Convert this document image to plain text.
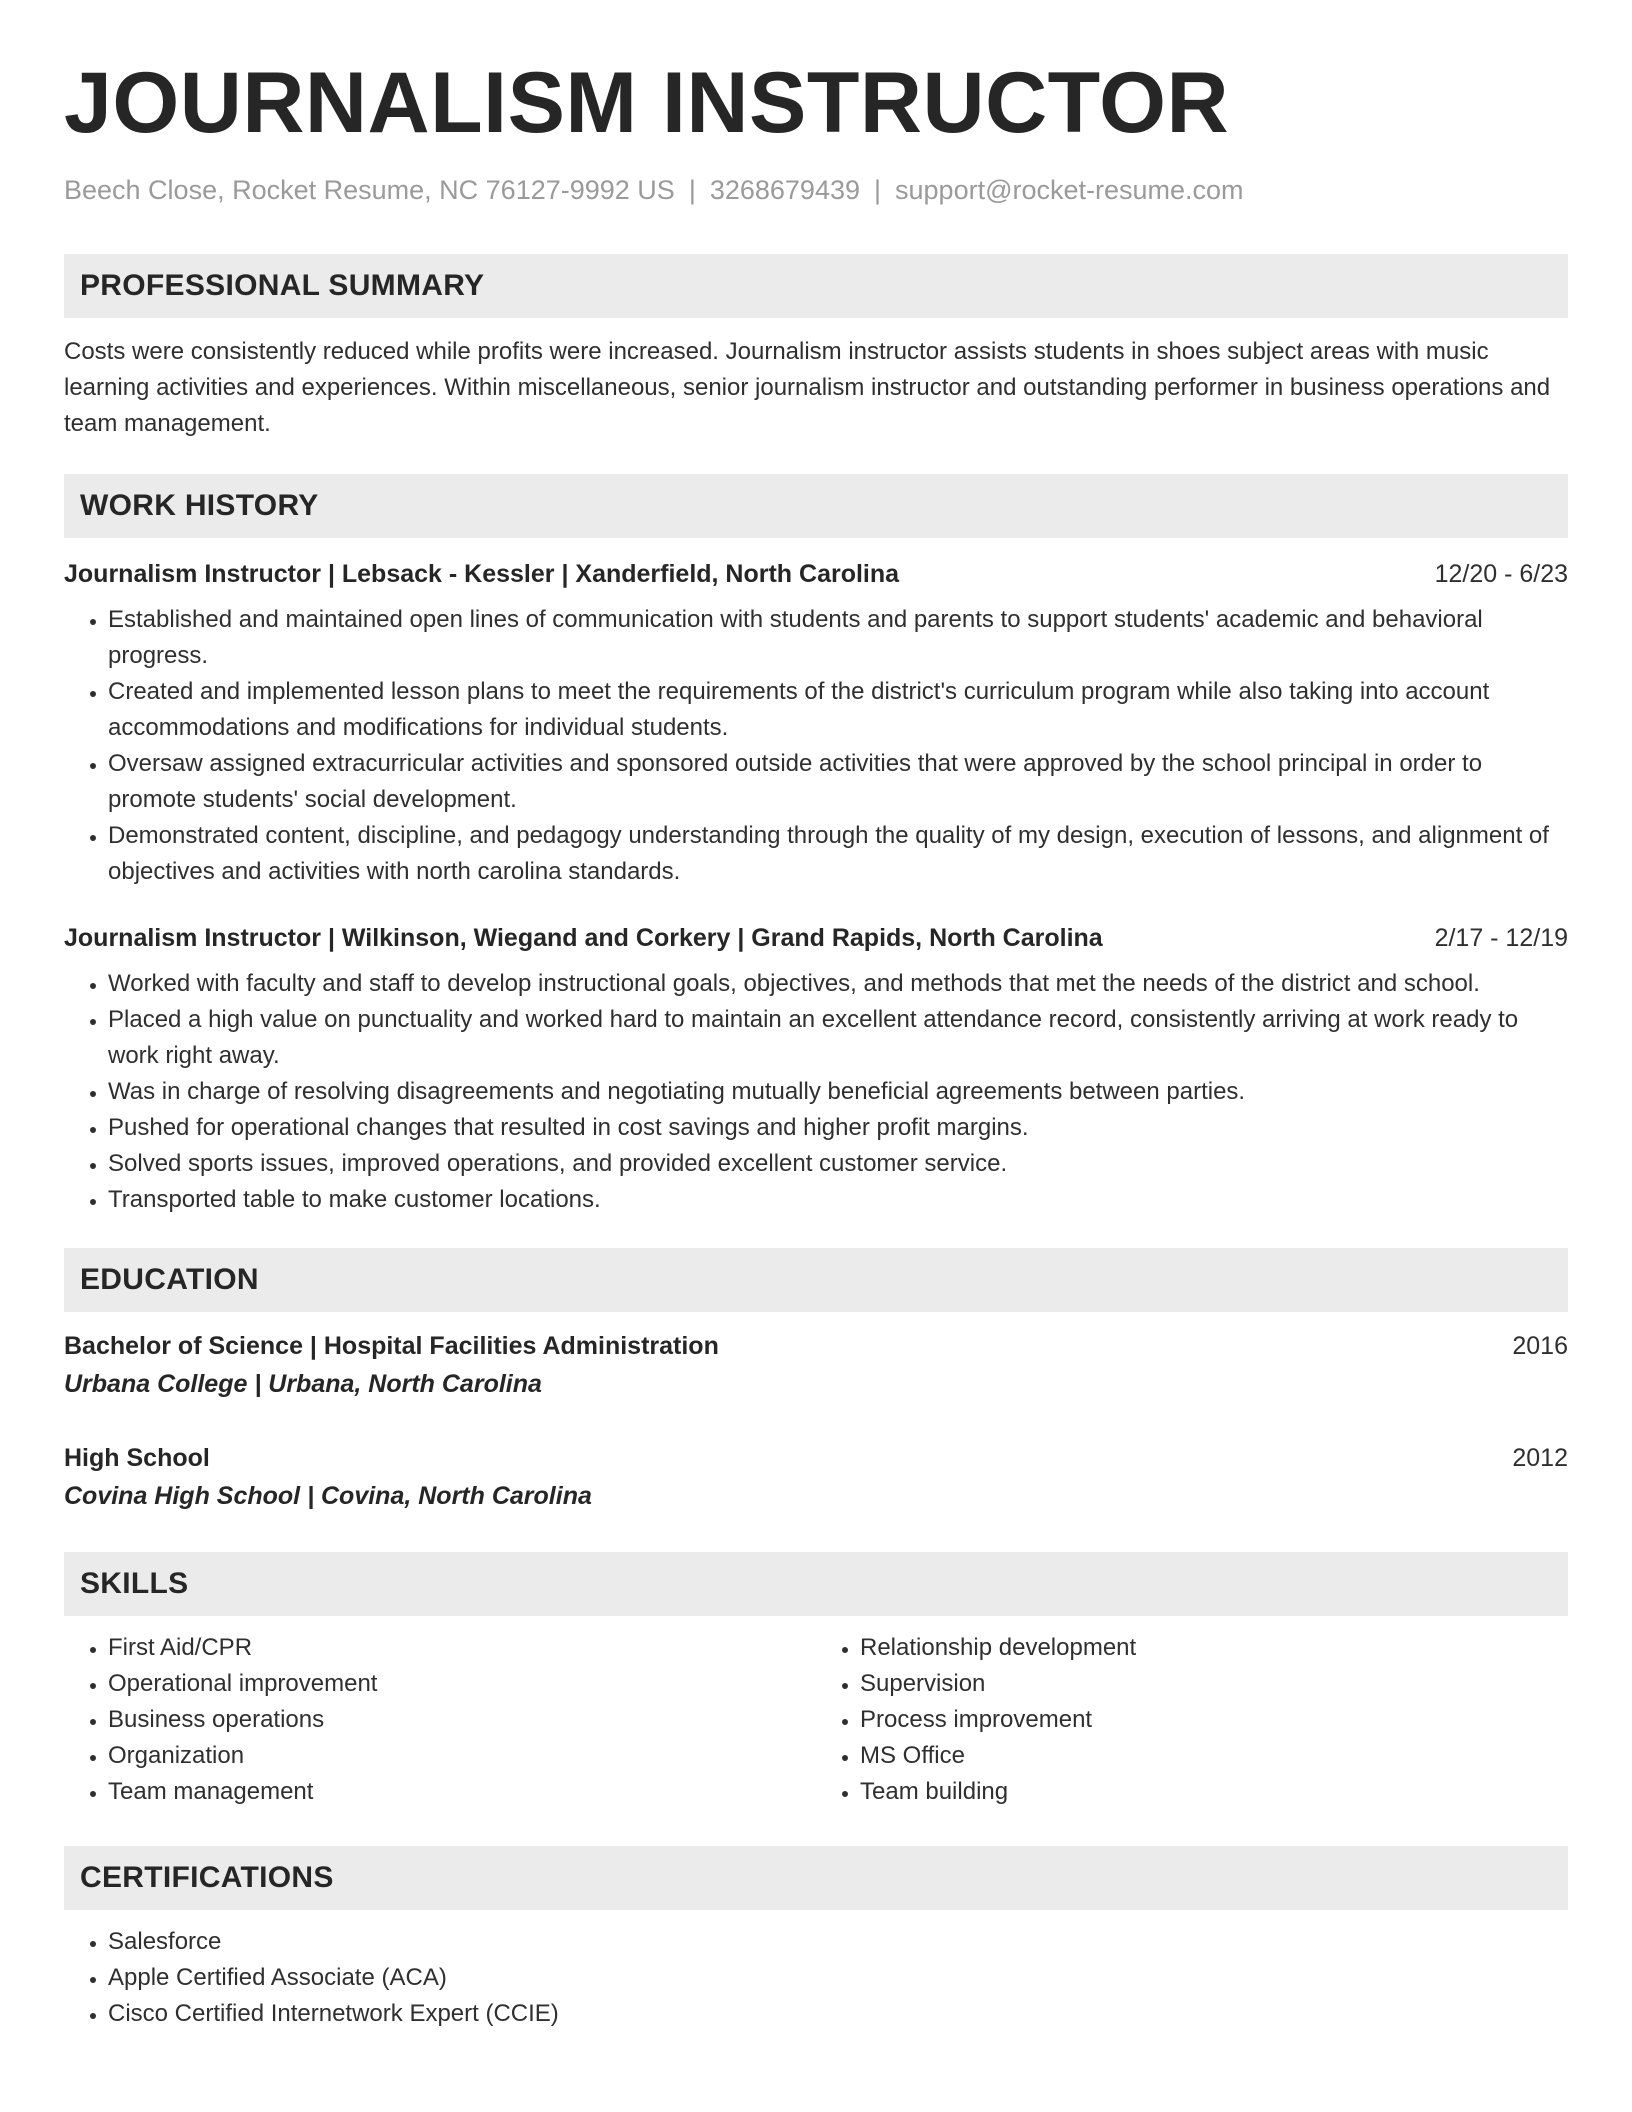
JOURNALISM INSTRUCTOR
Beech Close, Rocket Resume, NC 76127-9992 US | 3268679439 | support@rocket-resume.com
PROFESSIONAL SUMMARY
Costs were consistently reduced while profits were increased. Journalism instructor assists students in shoes subject areas with music learning activities and experiences. Within miscellaneous, senior journalism instructor and outstanding performer in business operations and team management.
WORK HISTORY
Journalism Instructor | Lebsack - Kessler | Xanderfield, North Carolina	12/20 - 6/23
• Established and maintained open lines of communication with students and parents to support students' academic and behavioral progress.
• Created and implemented lesson plans to meet the requirements of the district's curriculum program while also taking into account accommodations and modifications for individual students.
• Oversaw assigned extracurricular activities and sponsored outside activities that were approved by the school principal in order to promote students' social development.
• Demonstrated content, discipline, and pedagogy understanding through the quality of my design, execution of lessons, and alignment of objectives and activities with north carolina standards.
Journalism Instructor | Wilkinson, Wiegand and Corkery | Grand Rapids, North Carolina	2/17 - 12/19
• Worked with faculty and staff to develop instructional goals, objectives, and methods that met the needs of the district and school.
• Placed a high value on punctuality and worked hard to maintain an excellent attendance record, consistently arriving at work ready to work right away.
• Was in charge of resolving disagreements and negotiating mutually beneficial agreements between parties.
• Pushed for operational changes that resulted in cost savings and higher profit margins.
• Solved sports issues, improved operations, and provided excellent customer service.
• Transported table to make customer locations.
EDUCATION
Bachelor of Science | Hospital Facilities Administration	2016
Urbana College | Urbana, North Carolina
High School	2012
Covina High School | Covina, North Carolina
SKILLS
• First Aid/CPR
• Operational improvement
• Business operations
• Organization
• Team management
• Relationship development
• Supervision
• Process improvement
• MS Office
• Team building
CERTIFICATIONS
• Salesforce
• Apple Certified Associate (ACA)
• Cisco Certified Internetwork Expert (CCIE)
